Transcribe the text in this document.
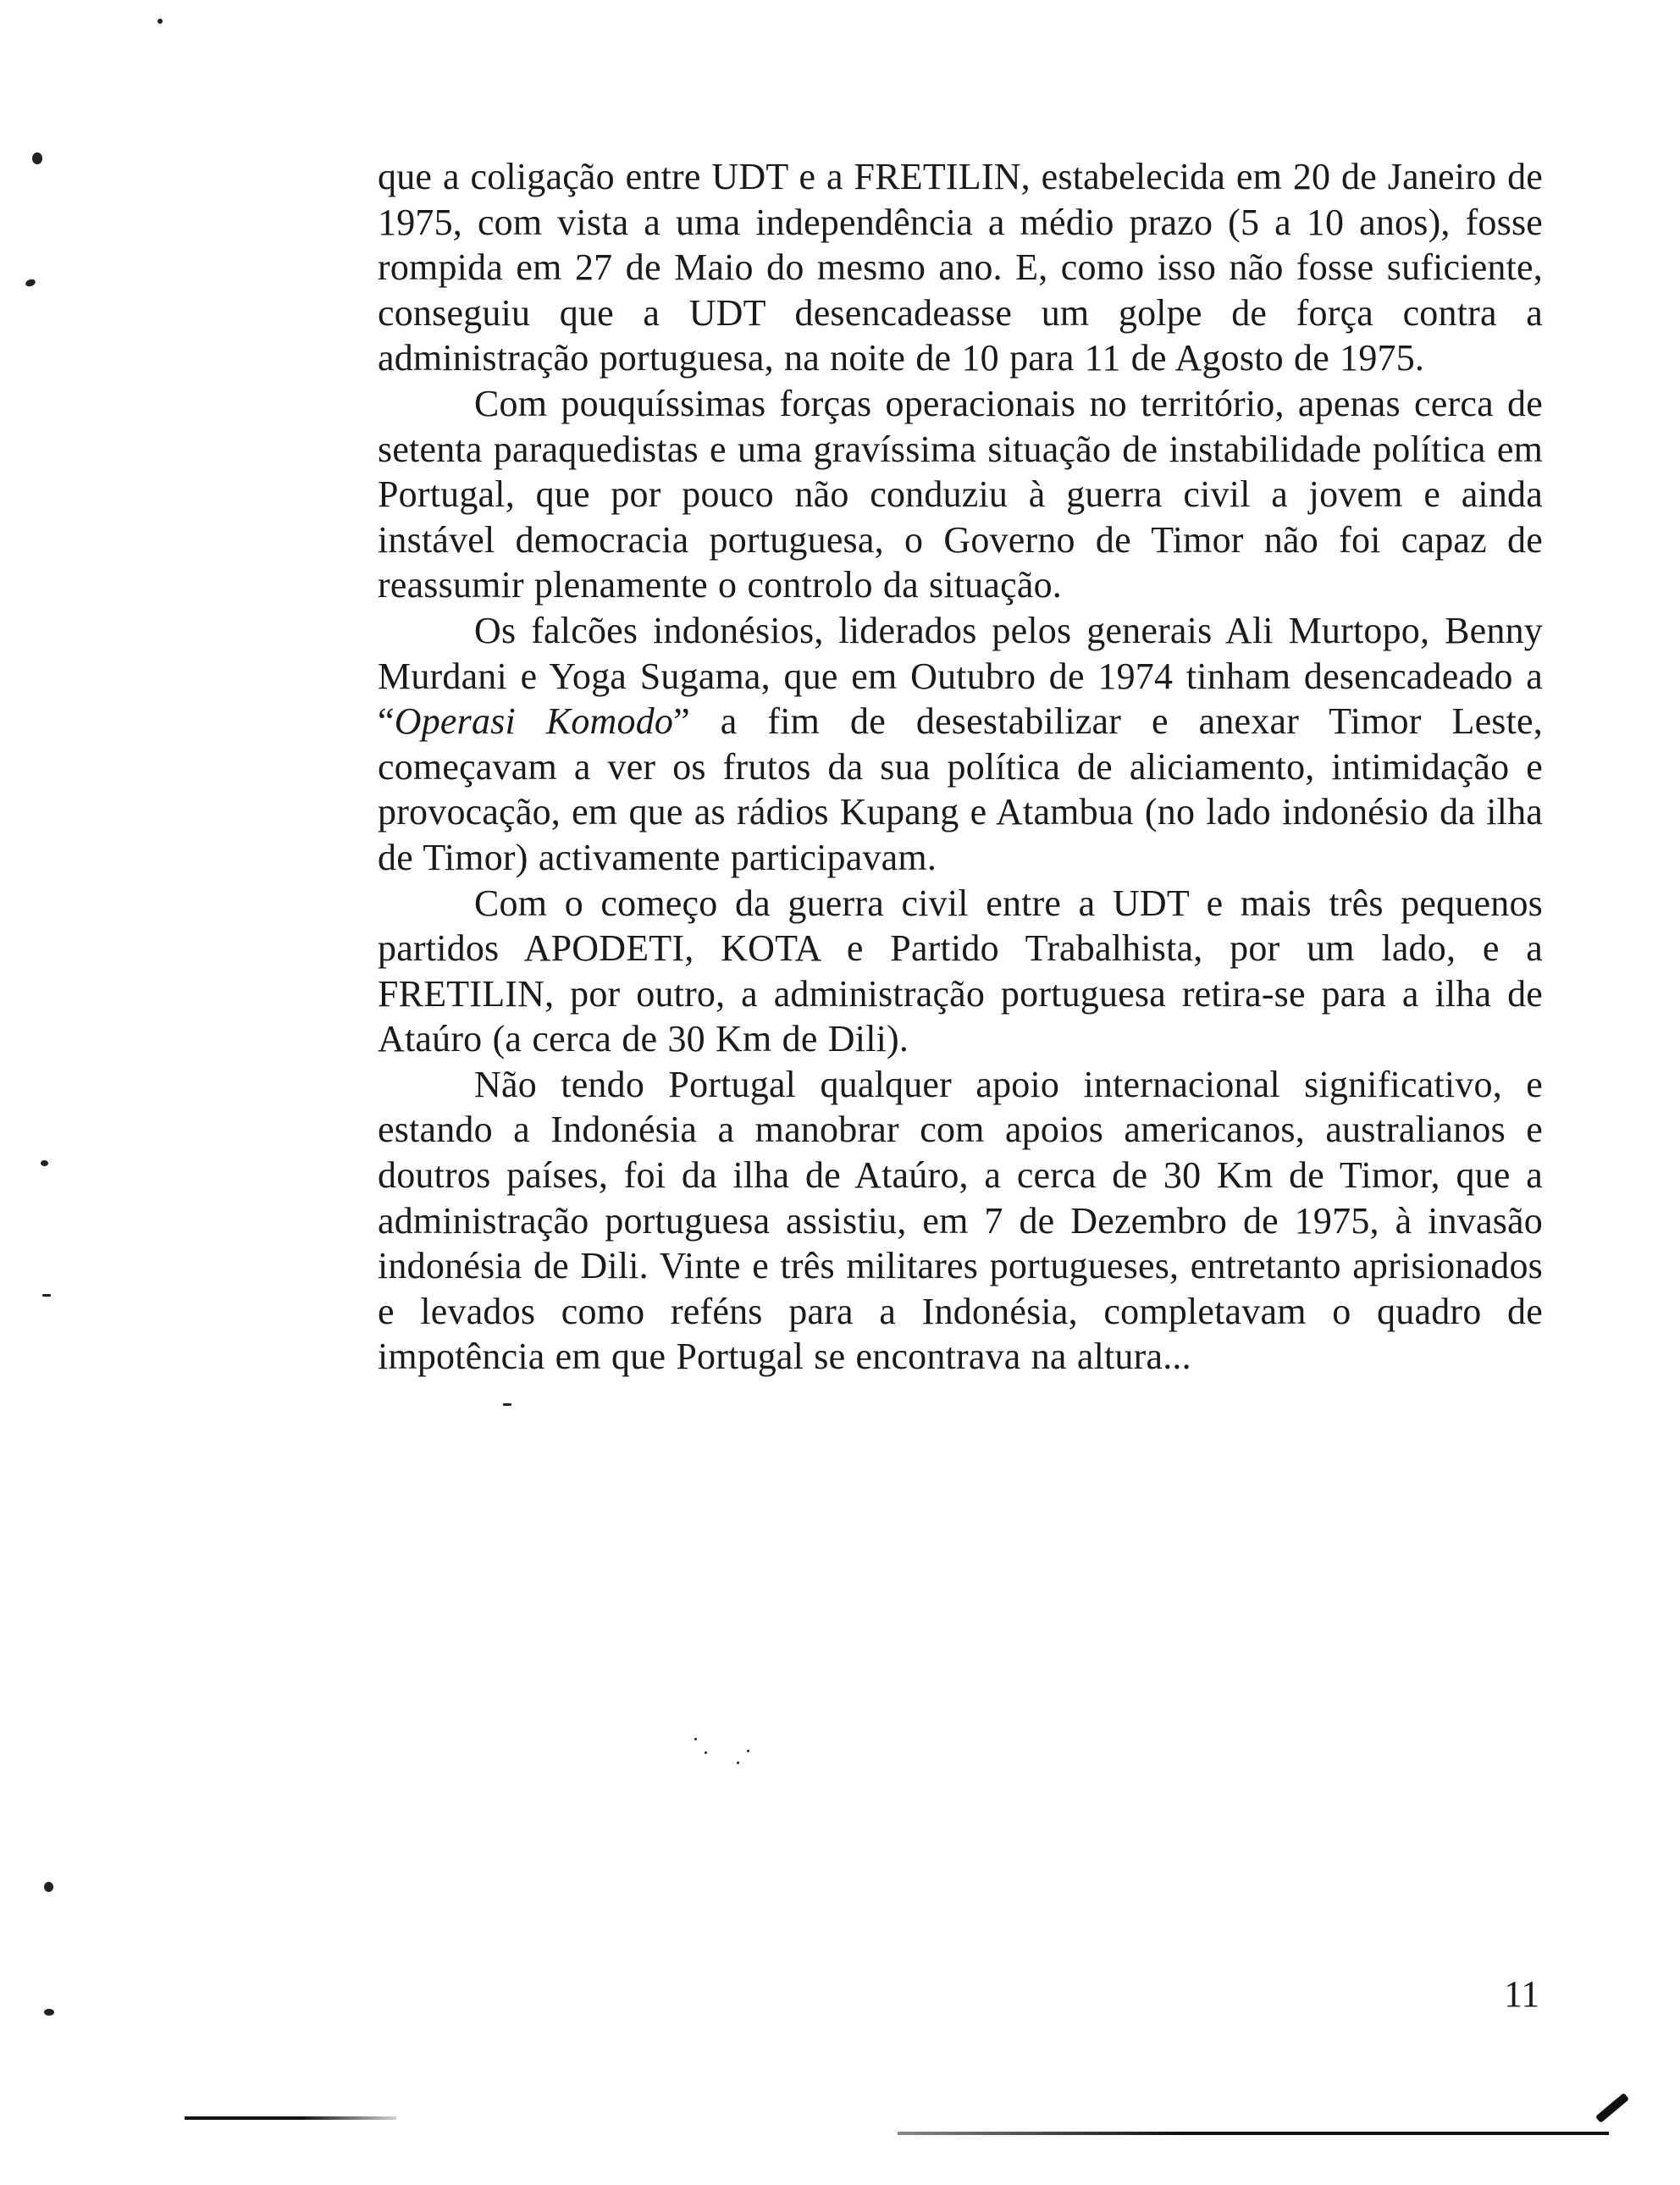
que a coligação entre UDT e a FRETILIN, estabelecida em 20 de Janeiro de 1975, com vista a uma independência a médio prazo (5 a 10 anos), fosse rompida em 27 de Maio do mesmo ano. E, como isso não fosse suficiente, conseguiu que a UDT desencadeasse um golpe de força contra a administração portuguesa, na noite de 10 para 11 de Agosto de 1975.

Com pouquíssimas forças operacionais no território, apenas cerca de setenta paraquedistas e uma gravíssima situação de instabilidade política em Portugal, que por pouco não conduziu à guerra civil a jovem e ainda instável democracia portuguesa, o Governo de Timor não foi capaz de reassumir plenamente o controlo da situação.

Os falcões indonésios, liderados pelos generais Ali Murtopo, Benny Murdani e Yoga Sugama, que em Outubro de 1974 tinham desencadeado a “Operasi Komodo” a fim de desestabilizar e anexar Timor Leste, começavam a ver os frutos da sua política de aliciamento, intimidação e provocação, em que as rádios Kupang e Atambua (no lado indonésio da ilha de Timor) activamente participavam.

Com o começo da guerra civil entre a UDT e mais três pequenos partidos APODETI, KOTA e Partido Trabalhista, por um lado, e a FRETILIN, por outro, a administração portuguesa retira-se para a ilha de Ataúro (a cerca de 30 Km de Dili).

Não tendo Portugal qualquer apoio internacional significativo, e estando a Indonésia a manobrar com apoios americanos, australianos e doutros países, foi da ilha de Ataúro, a cerca de 30 Km de Timor, que a administração portuguesa assistiu, em 7 de Dezembro de 1975, à invasão indonésia de Dili. Vinte e três militares portugueses, entretanto aprisionados e levados como reféns para a Indonésia, completavam o quadro de impotência em que Portugal se encontrava na altura...

11
